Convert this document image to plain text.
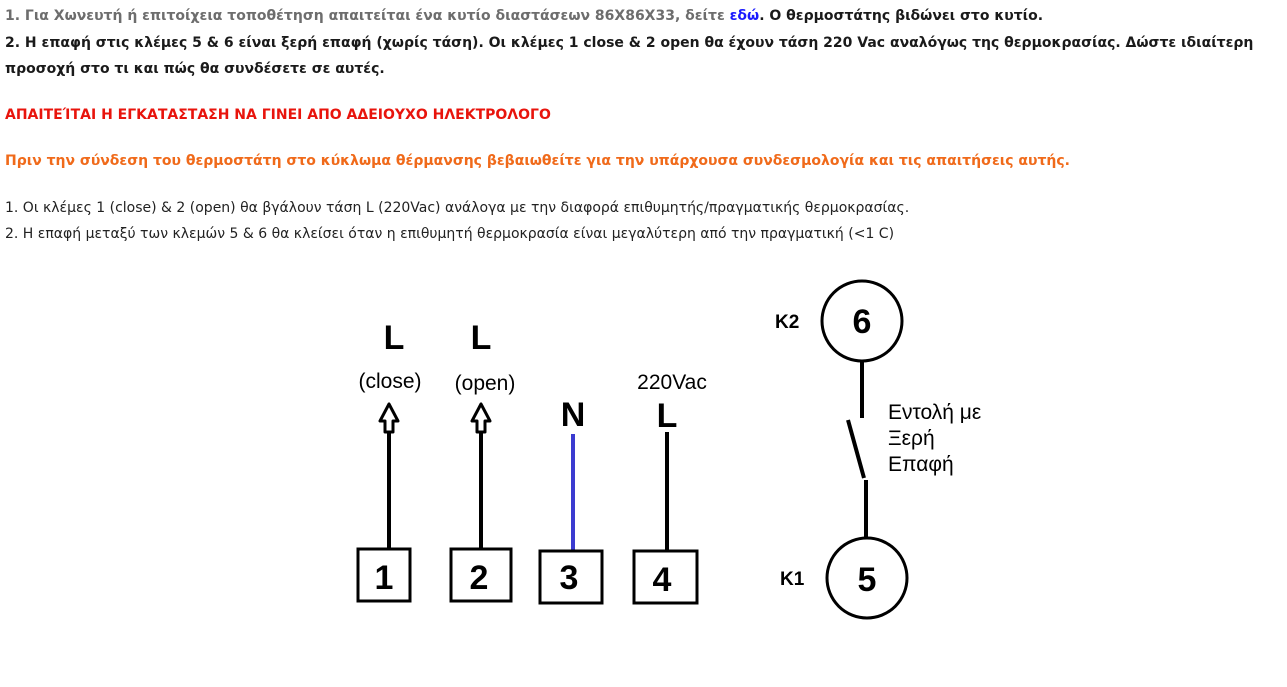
1. Για Χωνευτή ή επιτοίχεια τοποθέτηση απαιτείται ένα κυτίο διαστάσεων 86Χ86Χ33, δείτε εδώ. Ο θερμοστάτης βιδώνει στο κυτίο.
2. Η επαφή στις κλέμες 5 & 6 είναι ξερή επαφή (χωρίς τάση). Οι κλέμες 1 close & 2 open θα έχουν τάση 220 Vac αναλόγως της θερμοκρασίας. Δώστε ιδιαίτερη
προσοχή στο τι και πώς θα συνδέσετε σε αυτές.
ΑΠΑΙΤΕΊΤΑΙ Η ΕΓΚΑΤΑΣΤΑΣΗ ΝΑ ΓΙΝΕΙ ΑΠΟ ΑΔΕΙΟΥΧΟ ΗΛΕΚΤΡΟΛΟΓΟ
Πριν την σύνδεση του θερμοστάτη στο κύκλωμα θέρμανσης βεβαιωθείτε για την υπάρχουσα συνδεσμολογία και τις απαιτήσεις αυτής.
1. Οι κλέμες 1 (close) & 2 (open) θα βγάλουν τάση L (220Vac) ανάλογα με την διαφορά επιθυμητής/πραγματικής θερμοκρασίας.
2. Η επαφή μεταξύ των κλεμών 5 & 6 θα κλείσει όταν η επιθυμητή θερμοκρασία είναι μεγαλύτερη από την πραγματική (<1 C)
L
(close)
1
L
(open)
2
N
3
220Vac
L
4
K2 6
5
K1
Εντολή με
Ξερή
Επαφή
